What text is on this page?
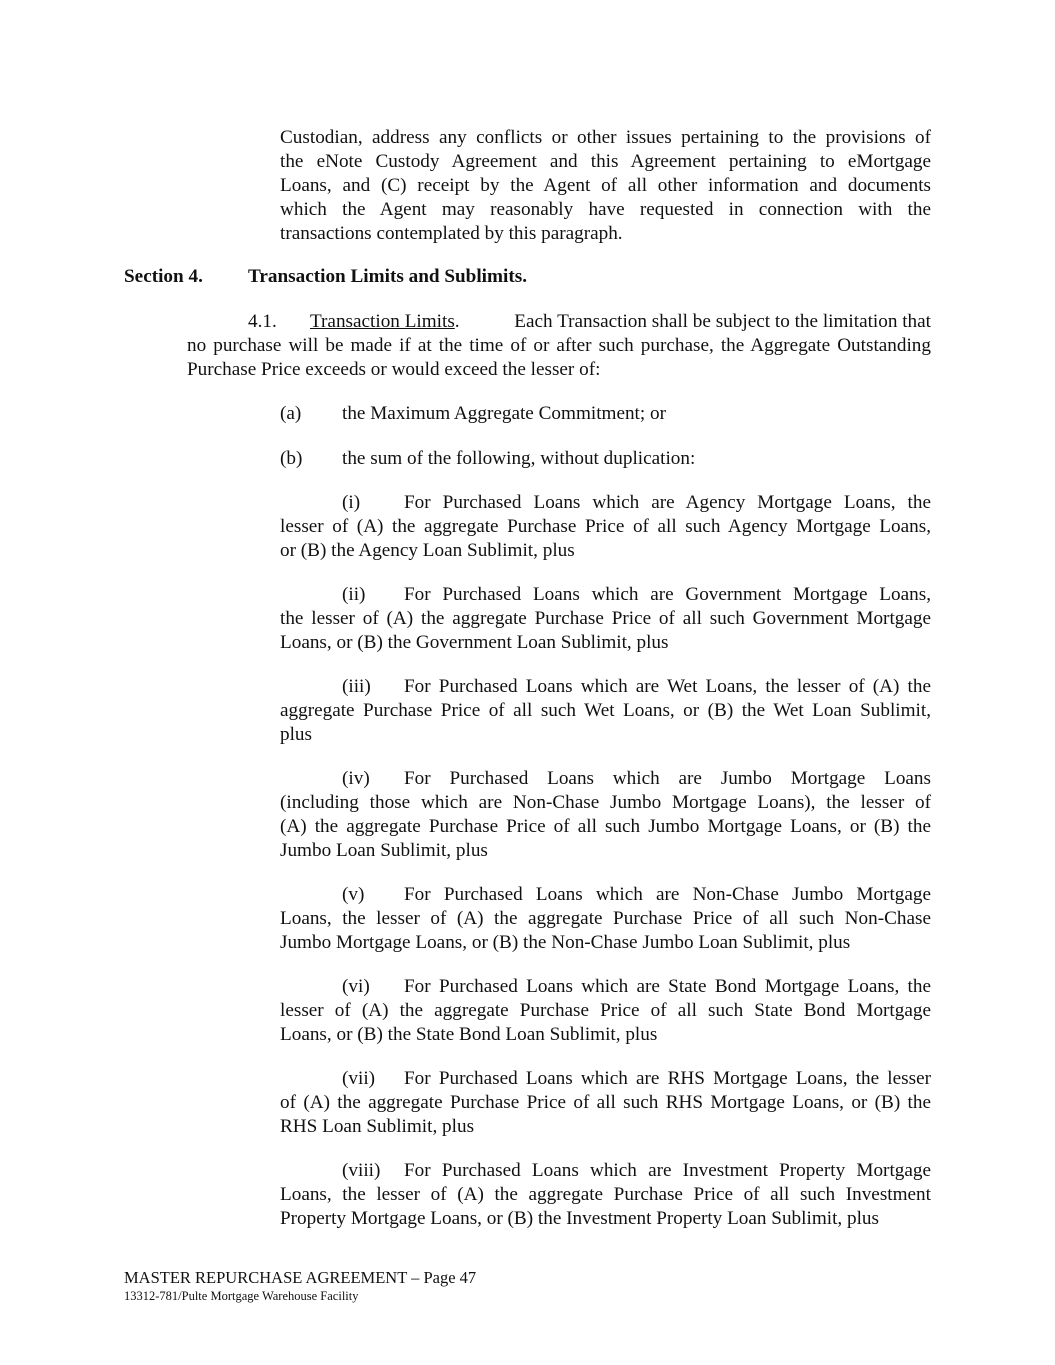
Custodian, address any conflicts or other issues pertaining to the provisions of
the eNote Custody Agreement and this Agreement pertaining to eMortgage
Loans, and (C) receipt by the Agent of all other information and documents
which the Agent may reasonably have requested in connection with the
transactions contemplated by this paragraph.
Section 4. Transaction Limits and Sublimits.
4.1. Transaction Limits.	Each Transaction shall be subject to the limitation that
no purchase will be made if at the time of or after such purchase, the Aggregate Outstanding
Purchase Price exceeds or would exceed the lesser of:
(a) the Maximum Aggregate Commitment; or
(b) the sum of the following, without duplication:
(i) For Purchased Loans which are Agency Mortgage Loans, the
lesser of (A) the aggregate Purchase Price of all such Agency Mortgage Loans,
or (B) the Agency Loan Sublimit, plus
(ii) For Purchased Loans which are Government Mortgage Loans,
the lesser of (A) the aggregate Purchase Price of all such Government Mortgage
Loans, or (B) the Government Loan Sublimit, plus
(iii) For Purchased Loans which are Wet Loans, the lesser of (A) the
aggregate Purchase Price of all such Wet Loans, or (B) the Wet Loan Sublimit,
plus
(iv) For Purchased Loans which are Jumbo Mortgage Loans
(including those which are Non-Chase Jumbo Mortgage Loans), the lesser of
(A) the aggregate Purchase Price of all such Jumbo Mortgage Loans, or (B) the
Jumbo Loan Sublimit, plus
(v) For Purchased Loans which are Non-Chase Jumbo Mortgage
Loans, the lesser of (A) the aggregate Purchase Price of all such Non-Chase
Jumbo Mortgage Loans, or (B) the Non-Chase Jumbo Loan Sublimit, plus
(vi) For Purchased Loans which are State Bond Mortgage Loans, the
lesser of (A) the aggregate Purchase Price of all such State Bond Mortgage
Loans, or (B) the State Bond Loan Sublimit, plus
(vii) For Purchased Loans which are RHS Mortgage Loans, the lesser
of (A) the aggregate Purchase Price of all such RHS Mortgage Loans, or (B) the
RHS Loan Sublimit, plus
(viii) For Purchased Loans which are Investment Property Mortgage
Loans, the lesser of (A) the aggregate Purchase Price of all such Investment
Property Mortgage Loans, or (B) the Investment Property Loan Sublimit, plus
MASTER REPURCHASE AGREEMENT – Page 47
13312-781/Pulte Mortgage Warehouse Facility
